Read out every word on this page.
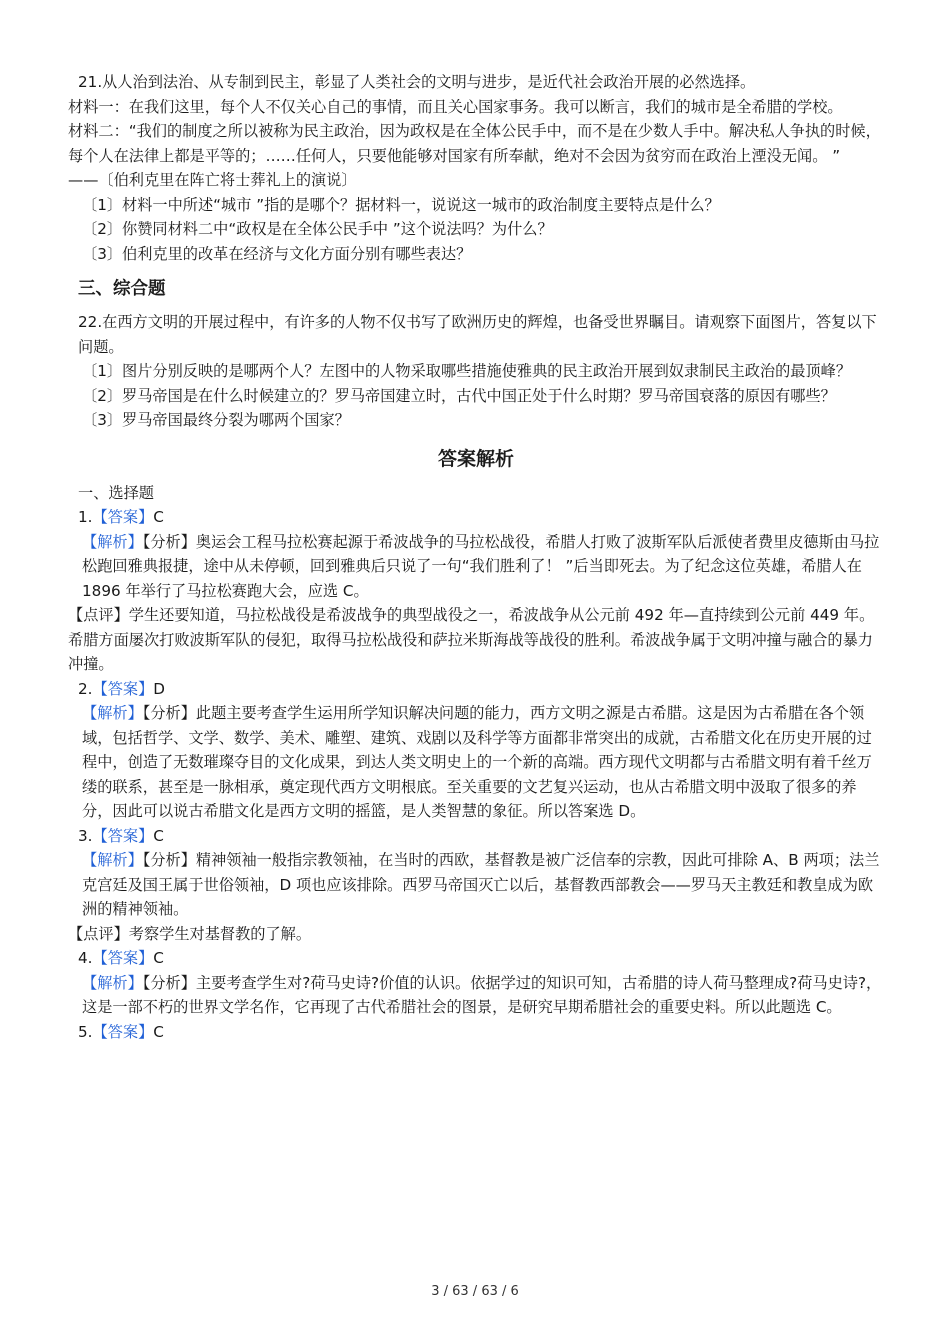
21.从人治到法治、从专制到民主，彰显了人类社会的文明与进步，是近代社会政治开展的必然选择。

材料一：在我们这里，每个人不仅关心自己的事情，而且关心国家事务。我可以断言，我们的城市是全希腊的学校。

材料二：“我们的制度之所以被称为民主政治，因为政权是在全体公民手中，而不是在少数人手中。解决私人争执的时候，每个人在法律上都是平等的；……任何人，只要他能够对国家有所奉献，绝对不会因为贫穷而在政治上湮没无闻。 ”

——〔伯利克里在阵亡将士葬礼上的演说〕

〔1〕材料一中所述“城市 ”指的是哪个？据材料一，说说这一城市的政治制度主要特点是什么？

〔2〕你赞同材料二中“政权是在全体公民手中 ”这个说法吗？为什么？

〔3〕伯利克里的改革在经济与文化方面分别有哪些表达？

三、综合题

22.在西方文明的开展过程中，有许多的人物不仅书写了欧洲历史的辉煌，也备受世界瞩目。请观察下面图片，答复以下问题。

〔1〕图片分别反映的是哪两个人？左图中的人物采取哪些措施使雅典的民主政治开展到奴隶制民主政治的最顶峰？

〔2〕罗马帝国是在什么时候建立的？罗马帝国建立时，古代中国正处于什么时期？罗马帝国衰落的原因有哪些？

〔3〕罗马帝国最终分裂为哪两个国家？

答案解析

一、选择题

1.【答案】C

【解析】【分析】奥运会工程马拉松赛起源于希波战争的马拉松战役，希腊人打败了波斯军队后派使者费里皮德斯由马拉松跑回雅典报捷，途中从未停顿，回到雅典后只说了一句“我们胜利了！ ”后当即死去。为了纪念这位英雄，希腊人在 1896 年举行了马拉松赛跑大会，应选 C。

【点评】学生还要知道，马拉松战役是希波战争的典型战役之一，希波战争从公元前 492 年—直持续到公元前 449 年。希腊方面屡次打败波斯军队的侵犯，取得马拉松战役和萨拉米斯海战等战役的胜利。希波战争属于文明冲撞与融合的暴力冲撞。

2.【答案】D

【解析】【分析】此题主要考查学生运用所学知识解决问题的能力，西方文明之源是古希腊。这是因为古希腊在各个领域，包括哲学、文学、数学、美术、雕塑、建筑、戏剧以及科学等方面都非常突出的成就，古希腊文化在历史开展的过程中，创造了无数璀璨夺目的文化成果，到达人类文明史上的一个新的高端。西方现代文明都与古希腊文明有着千丝万缕的联系，甚至是一脉相承，奠定现代西方文明根底。至关重要的文艺复兴运动，也从古希腊文明中汲取了很多的养分，因此可以说古希腊文化是西方文明的摇篮，是人类智慧的象征。所以答案选 D。

3.【答案】C

【解析】【分析】精神领袖一般指宗教领袖，在当时的西欧，基督教是被广泛信奉的宗教，因此可排除 A、B 两项；法兰克宫廷及国王属于世俗领袖，D 项也应该排除。西罗马帝国灭亡以后，基督教西部教会——罗马天主教廷和教皇成为欧洲的精神领袖。

【点评】考察学生对基督教的了解。

4.【答案】C

【解析】【分析】主要考查学生对?荷马史诗?价值的认识。依据学过的知识可知，古希腊的诗人荷马整理成?荷马史诗?，这是一部不朽的世界文学名作，它再现了古代希腊社会的图景，是研究早期希腊社会的重要史料。所以此题选 C。

5.【答案】C

3 / 63 / 63 / 6
